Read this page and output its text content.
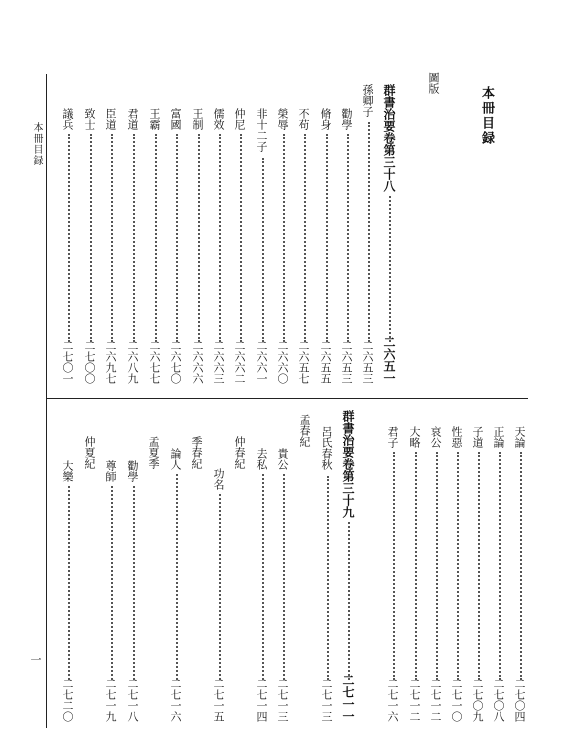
本冊目録
圖版
本冊目録
一
群書治要卷第三十八
二六五一
孫卿子
二六五三
勸學
二六五三
脩身
二六五五
不苟
二六五七
榮辱
二六六〇
非十二子
二六六一
仲尼
二六六二
儒效
二六六三
王制
二六六六
富國
二六七〇
王霸
二六七七
君道
二六八九
臣道
二六九七
致士
二七〇〇
議兵
二七〇一
天論
二七〇四
正論
二七〇八
子道
二七〇九
性惡
二七一〇
哀公
二七一二
大略
二七一二
君子
二七一六
群書治要卷第三十九
二七一一
呂氏春秋
二七一三
孟春紀
貴公
二七一三
去私
二七一四
仲春紀
功名
二七一五
季春紀
論人
二七一六
孟夏季
勸學
二七一八
尊師
二七一九
仲夏紀
大樂
二七二〇
